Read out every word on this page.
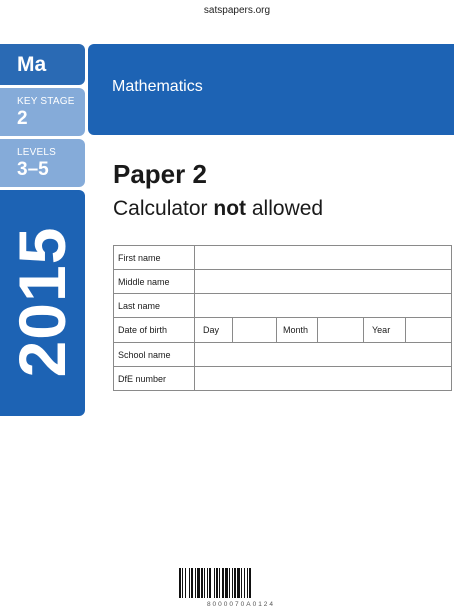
satspapers.org
Ma
KEY STAGE
2
LEVELS
3–5
2015
Mathematics
Paper 2
Calculator not allowed
First name	
Middle name	
Last name	
Date of birth	Day Month Year

School name	
DfE number	
8000070A0124
